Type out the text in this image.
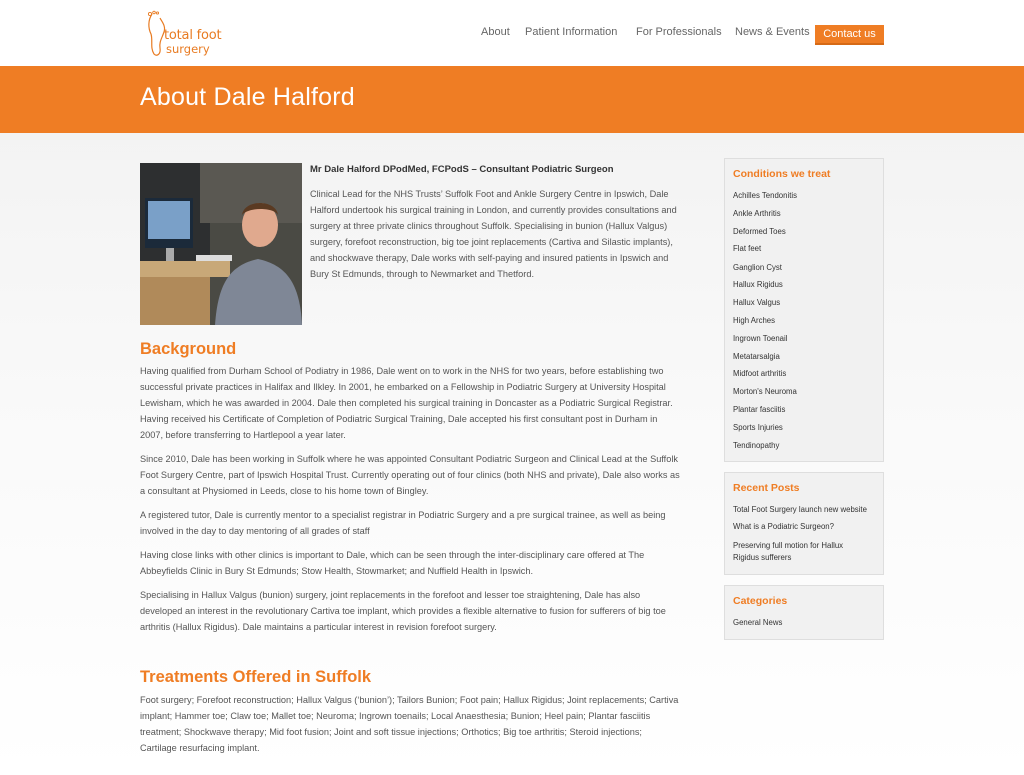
total foot
surgery
About Patient Information For Professionals News & Events	Contact us
About Dale Halford
Mr Dale Halford DPodMed, FCPodS – Consultant Podiatric Surgeon
Clinical Lead for the NHS Trusts’ Suffolk Foot and Ankle Surgery Centre in Ipswich, Dale
Halford undertook his surgical training in London, and currently provides consultations and
surgery at three private clinics throughout Suffolk. Specialising in bunion (Hallux Valgus)
surgery, forefoot reconstruction, big toe joint replacements (Cartiva and Silastic implants),
and shockwave therapy, Dale works with self-paying and insured patients in Ipswich and
Bury St Edmunds, through to Newmarket and Thetford.
Background
Having qualified from Durham School of Podiatry in 1986, Dale went on to work in the NHS for two years, before establishing two
successful private practices in Halifax and Ilkley. In 2001, he embarked on a Fellowship in Podiatric Surgery at University Hospital
Lewisham, which he was awarded in 2004. Dale then completed his surgical training in Doncaster as a Podiatric Surgical Registrar.
Having received his Certificate of Completion of Podiatric Surgical Training, Dale accepted his first consultant post in Durham in
2007, before transferring to Hartlepool a year later.
Since 2010, Dale has been working in Suffolk where he was appointed Consultant Podiatric Surgeon and Clinical Lead at the Suffolk
Foot Surgery Centre, part of Ipswich Hospital Trust. Currently operating out of four clinics (both NHS and private), Dale also works as
a consultant at Physiomed in Leeds, close to his home town of Bingley.
A registered tutor, Dale is currently mentor to a specialist registrar in Podiatric Surgery and a pre surgical trainee, as well as being
involved in the day to day mentoring of all grades of staff
Having close links with other clinics is important to Dale, which can be seen through the inter-disciplinary care offered at The
Abbeyfields Clinic in Bury St Edmunds; Stow Health, Stowmarket; and Nuffield Health in Ipswich.
Specialising in Hallux Valgus (bunion) surgery, joint replacements in the forefoot and lesser toe straightening, Dale has also
developed an interest in the revolutionary Cartiva toe implant, which provides a flexible alternative to fusion for sufferers of big toe
arthritis (Hallux Rigidus). Dale maintains a particular interest in revision forefoot surgery.
Treatments Offered in Suffolk
Foot surgery; Forefoot reconstruction; Hallux Valgus (‘bunion’); Tailors Bunion; Foot pain; Hallux Rigidus; Joint replacements; Cartiva
implant; Hammer toe; Claw toe; Mallet toe; Neuroma; Ingrown toenails; Local Anaesthesia; Bunion; Heel pain; Plantar fasciitis
treatment; Shockwave therapy; Mid foot fusion; Joint and soft tissue injections; Orthotics; Big toe arthritis; Steroid injections;
Cartilage resurfacing implant.
Conditions we treat
Achilles Tendonitis
Ankle Arthritis
Deformed Toes
Flat feet
Ganglion Cyst
Hallux Rigidus
Hallux Valgus
High Arches
Ingrown Toenail
Metatarsalgia
Midfoot arthritis
Morton's Neuroma
Plantar fasciitis
Sports Injuries
Tendinopathy
Recent Posts
Total Foot Surgery launch new website
What is a Podiatric Surgeon?
Preserving full motion for Hallux
Rigidus sufferers
Categories
General News
